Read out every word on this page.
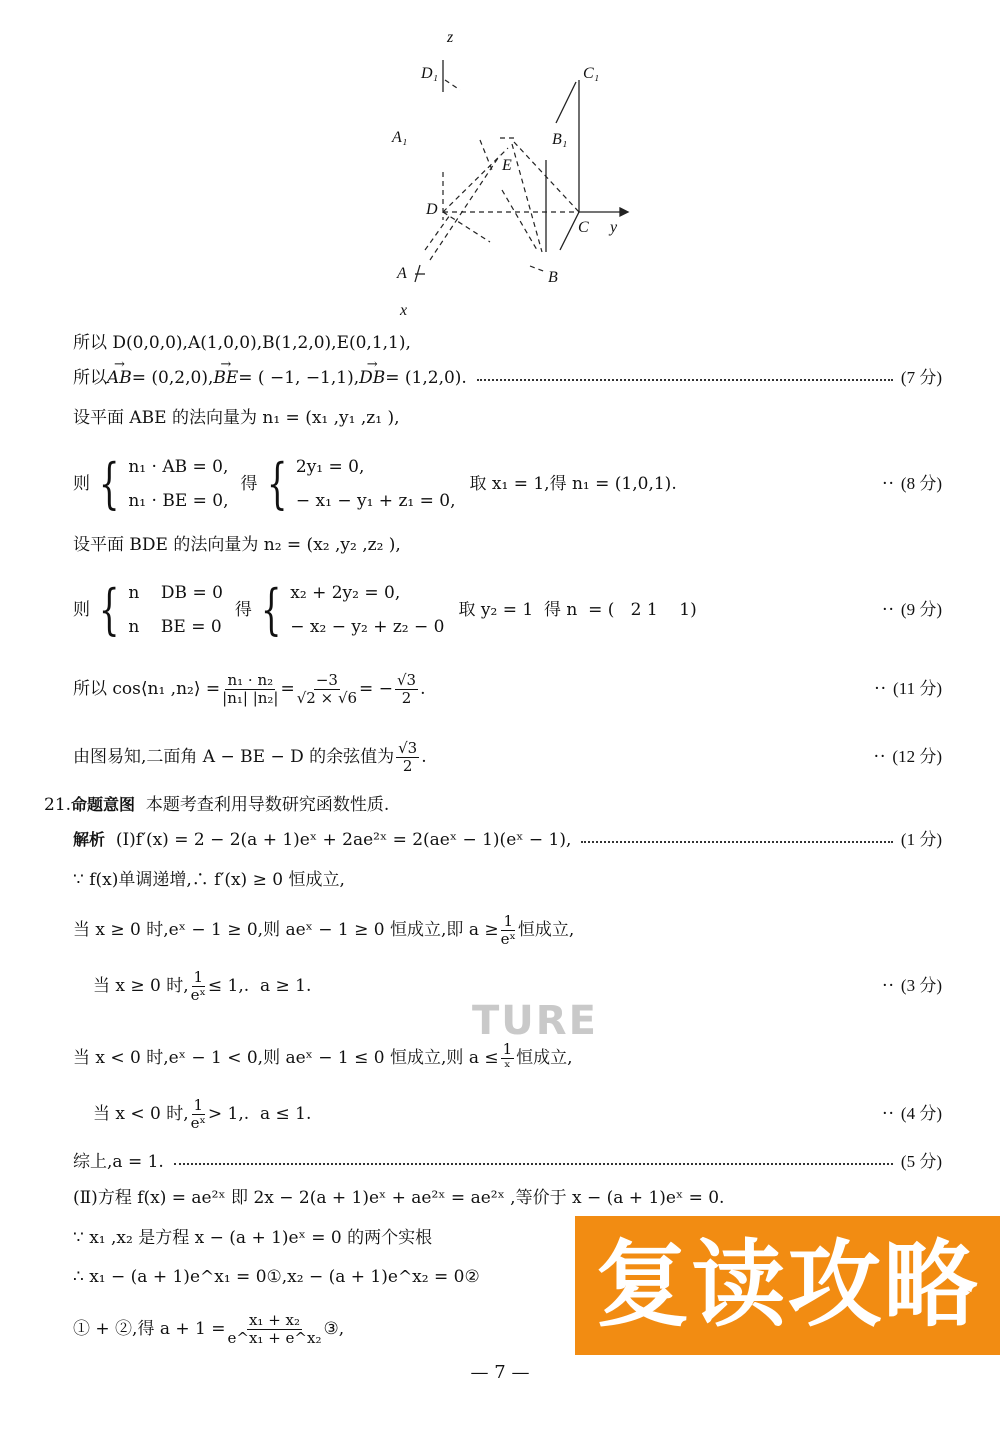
z
D₁	C₁
A₁	B₁
E
D
C y
A	B
x
所以 D(0,0,0),A(1,0,0),B(1,2,0),E(0,1,1),
所以 → AB = (0,2,0), → BE = ( −1, −1,1), → DB = (1,2,0).	(7 分)
设平面 ABE 的法向量为 n₁ = (x₁ ,y₁ ,z₁ ),
则 { n₁ · AB = 0,
n₁ · BE = 0,
得 { 2y₁ = 0,
− x₁ − y₁ + z₁ = 0,
取 x₁ = 1,得 n₁ = (1,0,1).	·· (8 分)
设平面 BDE 的法向量为 n₂ = (x₂ ,y₂ ,z₂ ),
则 { n    DB = 0
n    BE = 0
得 { x₂ + 2y₂ = 0,
− x₂ − y₂ + z₂ − 0
取 y₂ = 1  得 n  = (   2 1    1)	·· (9 分)
所以 cos⟨n₁ ,n₂⟩ = $\frac{\text{n₁ · n₂}}{\text{|n₁| |n₂|}} = \frac{-3}{√2 \times √6}$ = − $\frac{√3}{2}$ .	·· (11 分)
由图易知,二面角 A − BE − D 的余弦值为 $\frac{√3}{2}$ .	·· (12 分)
21. 命题意图 本题考查利用导数研究函数性质.
解析 (Ⅰ)f′(x) = 2 − 2(a + 1)eˣ + 2ae²ˣ = 2(aeˣ − 1)(eˣ − 1),	(1 分)
∵ f(x)单调递增,∴ f′(x) ≥ 0 恒成立,
当 x ≥ 0 时,eˣ − 1 ≥ 0,则 aeˣ − 1 ≥ 0 恒成立,即 $a \ge \frac{1}{\text{eˣ}}$ 恒成立,
当 x ≥ 0 时, $\frac{1}{\text{eˣ}} \le 1$,.  a ≥ 1.	·· (3 分)
TURE
当 x < 0 时,eˣ − 1 < 0,则 aeˣ − 1 ≤ 0 恒成立,则 $a \le \frac{1}{\text{ˣ}}$ 恒成立,
当 x < 0 时, $\frac{1}{\text{eˣ}} > 1$,.  a ≤ 1.	·· (4 分)
综上,a = 1.	(5 分)
(Ⅱ)方程 f(x) = ae²ˣ 即 2x − 2(a + 1)eˣ + ae²ˣ = ae²ˣ ,等价于 x − (a + 1)eˣ = 0.
∵ x₁ ,x₂ 是方程 x − (a + 1)eˣ = 0 的两个实根
∴ x₁ − (a + 1)e^x₁ = 0①,x₂ − (a + 1)e^x₂ = 0②
① + ②,得 $a + 1 = \frac{\text{x₁ + x₂}}{\text{e\textasciicircum{}x₁ + e\textasciicircum{}x₂}}$ ③,	复读攻略
— 7 —
